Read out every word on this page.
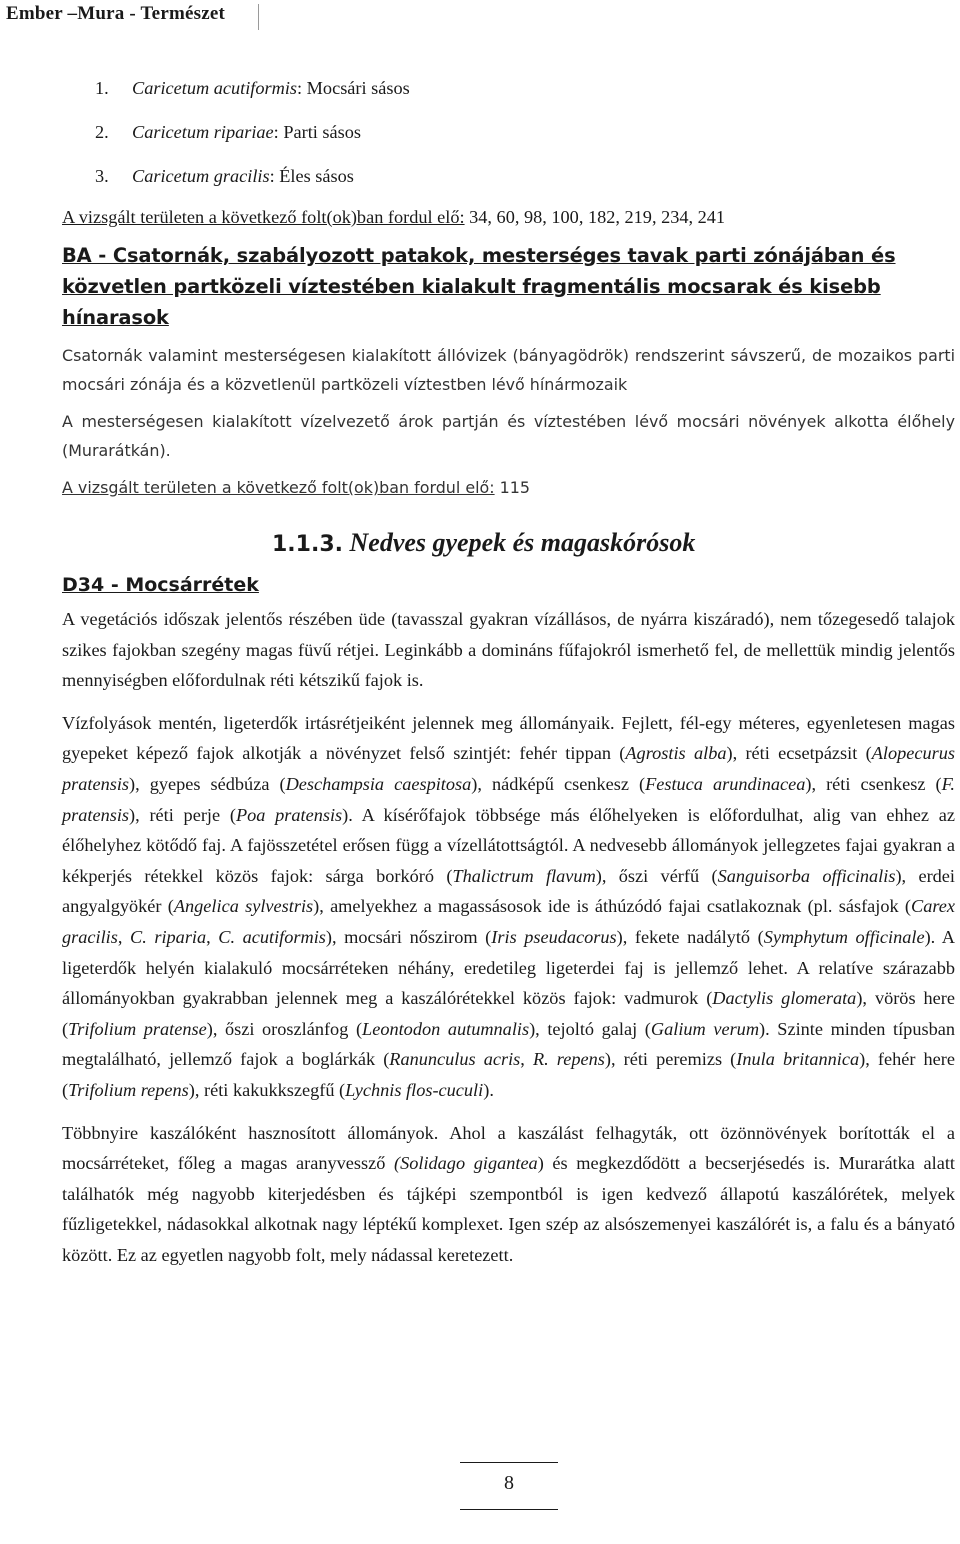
Ember –Mura - Természet
1. Caricetum acutiformis: Mocsári sásos
2. Caricetum ripariae: Parti sásos
3. Caricetum gracilis: Éles sásos
A vizsgált területen a következő folt(ok)ban fordul elő: 34, 60, 98, 100, 182, 219, 234, 241
BA - Csatornák, szabályozott patakok, mesterséges tavak parti zónájában és közvetlen partközeli víztestében kialakult fragmentális mocsarak és kisebb hínarasok
Csatornák valamint mesterségesen kialakított állóvizek (bányagödrök) rendszerint sávszerű, de mozaikos parti mocsári zónája és a közvetlenül partközeli víztestben lévő hínármozaik
A mesterségesen kialakított vízelvezető árok partján és víztestében lévő mocsári növények alkotta élőhely (Murarátkán).
A vizsgált területen a következő folt(ok)ban fordul elő: 115
1.1.3. Nedves gyepek és magaskórósok
D34 - Mocsárrétek
A vegetációs időszak jelentős részében üde (tavasszal gyakran vízállásos, de nyárra kiszáradó), nem tőzegesedő talajok szikes fajokban szegény magas füvű rétjei. Leginkább a domináns fűfajokról ismerhető fel, de mellettük mindig jelentős mennyiségben előfordulnak réti kétszikű fajok is.
Vízfolyások mentén, ligeterdők irtásrétjeiként jelennek meg állományaik. Fejlett, fél-egy méteres, egyenletesen magas gyepeket képező fajok alkotják a növényzet felső szintjét: fehér tippan (Agrostis alba), réti ecsetpázsit (Alopecurus pratensis), gyepes sédbúza (Deschampsia caespitosa), nádképű csenkesz (Festuca arundinacea), réti csenkesz (F. pratensis), réti perje (Poa pratensis). A kísérőfajok többsége más élőhelyeken is előfordulhat, alig van ehhez az élőhelyhez kötődő faj. A fajösszetétel erősen függ a vízellátottságtól. A nedvesebb állományok jellegzetes fajai gyakran a kékperjés rétekkel közös fajok: sárga borkóró (Thalictrum flavum), őszi vérfű (Sanguisorba officinalis), erdei angyalgyökér (Angelica sylvestris), amelyekhez a magassásosok ide is áthúzódó fajai csatlakoznak (pl. sásfajok (Carex gracilis, C. riparia, C. acutiformis), mocsári nőszirom (Iris pseudacorus), fekete nadálytő (Symphytum officinale). A ligeterdők helyén kialakuló mocsárréteken néhány, eredetileg ligeterdei faj is jellemző lehet. A relatíve szárazabb állományokban gyakrabban jelennek meg a kaszálórétekkel közös fajok: vadmurok (Dactylis glomerata), vörös here (Trifolium pratense), őszi oroszlánfog (Leontodon autumnalis), tejoltó galaj (Galium verum). Szinte minden típusban megtalálható, jellemző fajok a boglárkák (Ranunculus acris, R. repens), réti peremizs (Inula britannica), fehér here (Trifolium repens), réti kakukkszegfű (Lychnis flos-cuculi).
Többnyire kaszálóként hasznosított állományok. Ahol a kaszálást felhagyták, ott özönnövények borították el a mocsárréteket, főleg a magas aranyvessző (Solidago gigantea) és megkezdődött a becserjésedés is. Murarátka alatt találhatók még nagyobb kiterjedésben és tájképi szempontból is igen kedvező állapotú kaszálórétek, melyek fűzligetekkel, nádasokkal alkotnak nagy léptékű komplexet. Igen szép az alsószemenyei kaszálórét is, a falu és a bányató között. Ez az egyetlen nagyobb folt, mely nádassal keretezett.
8
